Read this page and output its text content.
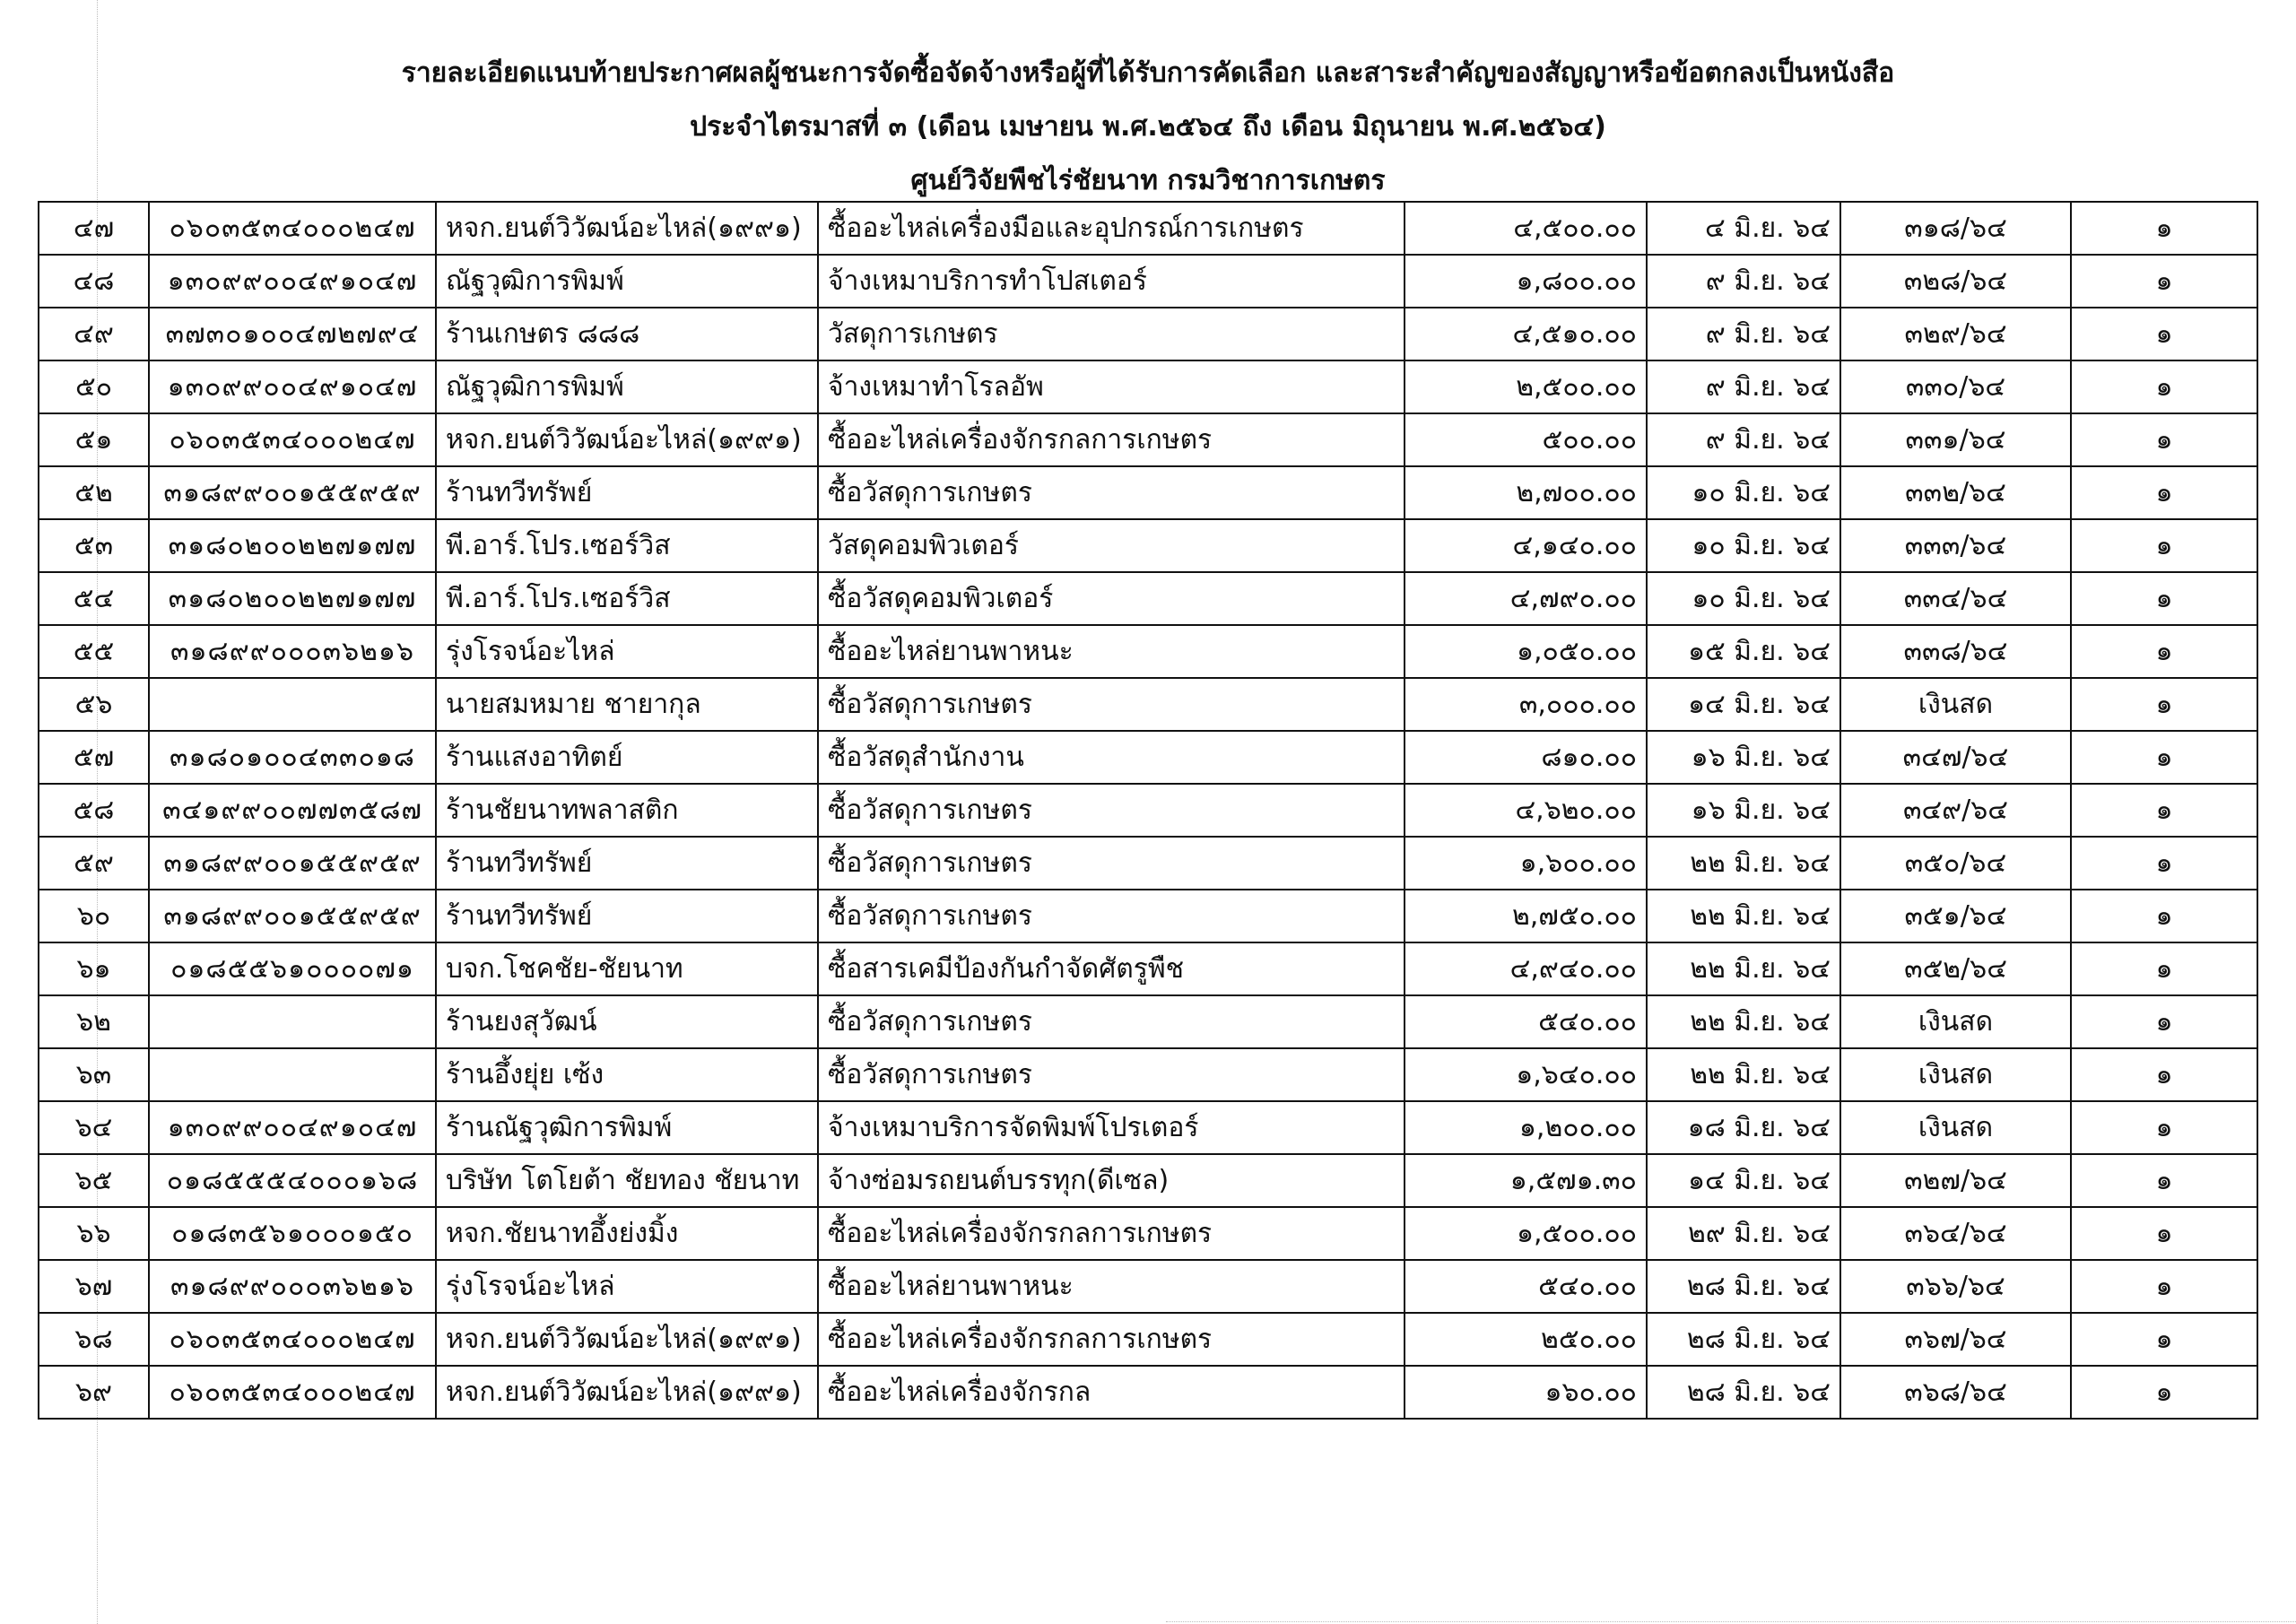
รายละเอียดแนบท้ายประกาศผลผู้ชนะการจัดซื้อจัดจ้างหรือผู้ที่ได้รับการคัดเลือก และสาระสำคัญของสัญญาหรือข้อตกลงเป็นหนังสือ
ประจำไตรมาสที่ ๓ (เดือน เมษายน พ.ศ.๒๕๖๔ ถึง เดือน มิถุนายน พ.ศ.๒๕๖๔)
ศูนย์วิจัยพืชไร่ชัยนาท กรมวิชาการเกษตร
๔๗	๐๖๐๓๕๓๔๐๐๐๒๔๗	หจก.ยนต์วิวัฒน์อะไหล่(๑๙๙๑)	ซื้ออะไหล่เครื่องมือและอุปกรณ์การเกษตร	๔,๕๐๐.๐๐	๔ มิ.ย. ๖๔	๓๑๘/๖๔	๑
๔๘	๑๓๐๙๙๐๐๔๙๑๐๔๗	ณัฐวุฒิการพิมพ์	จ้างเหมาบริการทำโปสเตอร์	๑,๘๐๐.๐๐	๙ มิ.ย. ๖๔	๓๒๘/๖๔	๑
๔๙	๓๗๓๐๑๐๐๔๗๒๗๙๔	ร้านเกษตร ๘๘๘	วัสดุการเกษตร	๔,๕๑๐.๐๐	๙ มิ.ย. ๖๔	๓๒๙/๖๔	๑
๕๐	๑๓๐๙๙๐๐๔๙๑๐๔๗	ณัฐวุฒิการพิมพ์	จ้างเหมาทำโรลอัพ	๒,๕๐๐.๐๐	๙ มิ.ย. ๖๔	๓๓๐/๖๔	๑
๕๑	๐๖๐๓๕๓๔๐๐๐๒๔๗	หจก.ยนต์วิวัฒน์อะไหล่(๑๙๙๑)	ซื้ออะไหล่เครื่องจักรกลการเกษตร	๕๐๐.๐๐	๙ มิ.ย. ๖๔	๓๓๑/๖๔	๑
๕๒	๓๑๘๙๙๐๐๑๕๕๙๕๙	ร้านทวีทรัพย์	ซื้อวัสดุการเกษตร	๒,๗๐๐.๐๐	๑๐ มิ.ย. ๖๔	๓๓๒/๖๔	๑
๕๓	๓๑๘๐๒๐๐๒๒๗๑๗๗	พี.อาร์.โปร.เซอร์วิส	วัสดุคอมพิวเตอร์	๔,๑๔๐.๐๐	๑๐ มิ.ย. ๖๔	๓๓๓/๖๔	๑
๕๔	๓๑๘๐๒๐๐๒๒๗๑๗๗	พี.อาร์.โปร.เซอร์วิส	ซื้อวัสดุคอมพิวเตอร์	๔,๗๙๐.๐๐	๑๐ มิ.ย. ๖๔	๓๓๔/๖๔	๑
๕๕	๓๑๘๙๙๐๐๐๓๖๒๑๖	รุ่งโรจน์อะไหล่	ซื้ออะไหล่ยานพาหนะ	๑,๐๕๐.๐๐	๑๕ มิ.ย. ๖๔	๓๓๘/๖๔	๑
๕๖		นายสมหมาย ชายากุล	ซื้อวัสดุการเกษตร	๓,๐๐๐.๐๐	๑๔ มิ.ย. ๖๔	เงินสด	๑
๕๗	๓๑๘๐๑๐๐๔๓๓๐๑๘	ร้านแสงอาทิตย์	ซื้อวัสดุสำนักงาน	๘๑๐.๐๐	๑๖ มิ.ย. ๖๔	๓๔๗/๖๔	๑
๕๘	๓๔๑๙๙๐๐๗๗๓๕๘๗	ร้านชัยนาทพลาสติก	ซื้อวัสดุการเกษตร	๔,๖๒๐.๐๐	๑๖ มิ.ย. ๖๔	๓๔๙/๖๔	๑
๕๙	๓๑๘๙๙๐๐๑๕๕๙๕๙	ร้านทวีทรัพย์	ซื้อวัสดุการเกษตร	๑,๖๐๐.๐๐	๒๒ มิ.ย. ๖๔	๓๕๐/๖๔	๑
๖๐	๓๑๘๙๙๐๐๑๕๕๙๕๙	ร้านทวีทรัพย์	ซื้อวัสดุการเกษตร	๒,๗๕๐.๐๐	๒๒ มิ.ย. ๖๔	๓๕๑/๖๔	๑
๖๑	๐๑๘๕๕๖๑๐๐๐๐๗๑	บจก.โชคชัย-ชัยนาท	ซื้อสารเคมีป้องกันกำจัดศัตรูพืช	๔,๙๔๐.๐๐	๒๒ มิ.ย. ๖๔	๓๕๒/๖๔	๑
๖๒		ร้านยงสุวัฒน์	ซื้อวัสดุการเกษตร	๕๔๐.๐๐	๒๒ มิ.ย. ๖๔	เงินสด	๑
๖๓		ร้านอึ้งยุ่ย เซ้ง	ซื้อวัสดุการเกษตร	๑,๖๔๐.๐๐	๒๒ มิ.ย. ๖๔	เงินสด	๑
๖๔	๑๓๐๙๙๐๐๔๙๑๐๔๗	ร้านณัฐวุฒิการพิมพ์	จ้างเหมาบริการจัดพิมพ์โปรเตอร์	๑,๒๐๐.๐๐	๑๘ มิ.ย. ๖๔	เงินสด	๑
๖๕	๐๑๘๕๕๕๔๐๐๐๑๖๘	บริษัท โตโยต้า ชัยทอง ชัยนาท	จ้างซ่อมรถยนต์บรรทุก(ดีเซล)	๑,๕๗๑.๓๐	๑๔ มิ.ย. ๖๔	๓๒๗/๖๔	๑
๖๖	๐๑๘๓๕๖๑๐๐๐๑๕๐	หจก.ชัยนาทอึ้งย่งมิ้ง	ซื้ออะไหล่เครื่องจักรกลการเกษตร	๑,๕๐๐.๐๐	๒๙ มิ.ย. ๖๔	๓๖๔/๖๔	๑
๖๗	๓๑๘๙๙๐๐๐๓๖๒๑๖	รุ่งโรจน์อะไหล่	ซื้ออะไหล่ยานพาหนะ	๕๔๐.๐๐	๒๘ มิ.ย. ๖๔	๓๖๖/๖๔	๑
๖๘	๐๖๐๓๕๓๔๐๐๐๒๔๗	หจก.ยนต์วิวัฒน์อะไหล่(๑๙๙๑)	ซื้ออะไหล่เครื่องจักรกลการเกษตร	๒๕๐.๐๐	๒๘ มิ.ย. ๖๔	๓๖๗/๖๔	๑
๖๙	๐๖๐๓๕๓๔๐๐๐๒๔๗	หจก.ยนต์วิวัฒน์อะไหล่(๑๙๙๑)	ซื้ออะไหล่เครื่องจักรกล	๑๖๐.๐๐	๒๘ มิ.ย. ๖๔	๓๖๘/๖๔	๑
